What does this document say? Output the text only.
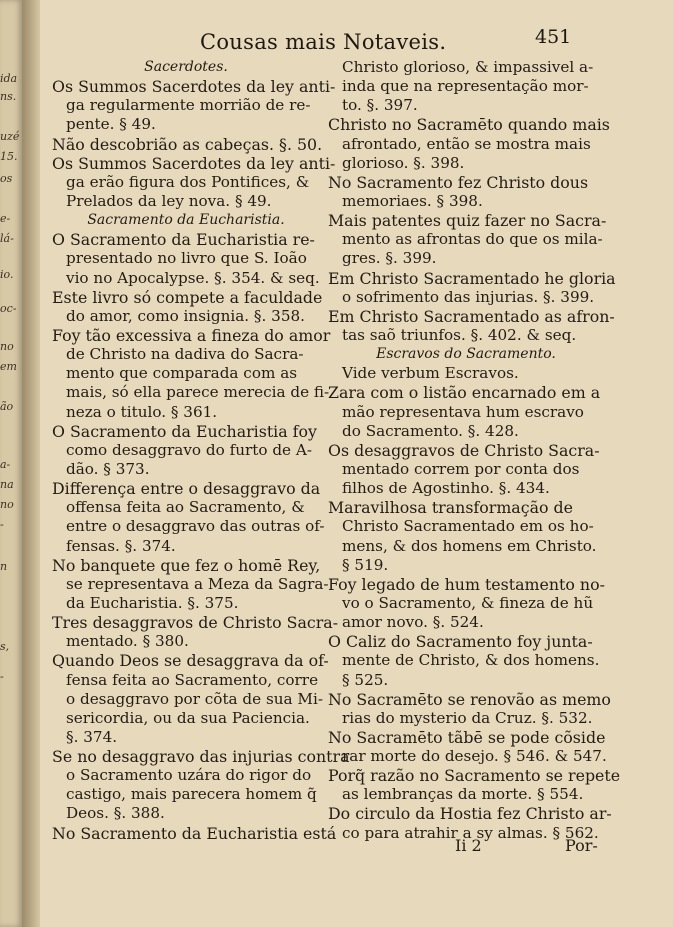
ida
ns.
uzé
15.
os
e-
lá-
io.
oc-
no
em
ão
a-
na
no
-
n
s,
-
Cousas mais Notaveis.	451
Sacerdotes.
Os Summos Sacerdotes da ley anti-
ga regularmente morrião de re-
pente. § 49.
Não descobrião as cabeças. §. 50.
Os Summos Sacerdotes da ley anti-
ga erão figura dos Pontifices, &
Prelados da ley nova. § 49.
Sacramento da Eucharistia.
O Sacramento da Eucharistia re-
presentado no livro que S. Ioão
vio no Apocalypse. §. 354. & seq.
Este livro só compete a faculdade
do amor, como insignia. §. 358.
Foy tão excessiva a fineza do amor
de Christo na dadiva do Sacra-
mento que comparada com as
mais, só ella parece merecia de fi-
neza o titulo. § 361.
O Sacramento da Eucharistia foy
como desaggravo do furto de A-
dão. § 373.
Differença entre o desaggravo da
offensa feita ao Sacramento, &
entre o desaggravo das outras of-
fensas. §. 374.
No banquete que fez o homē Rey,
se representava a Meza da Sagra-
da Eucharistia. §. 375.
Tres desaggravos de Christo Sacra-
mentado. § 380.
Quando Deos se desaggrava da of-
fensa feita ao Sacramento, corre
o desaggravo por cõta de sua Mi-
sericordia, ou da sua Paciencia.
§. 374.
Se no desaggravo das injurias contra
o Sacramento uzára do rigor do
castigo, mais parecera homem q̃
Deos. §. 388.
No Sacramento da Eucharistia está
Christo glorioso, & impassivel a-
inda que na representação mor-
to. §. 397.
Christo no Sacramēto quando mais
afrontado, então se mostra mais
glorioso. §. 398.
No Sacramento fez Christo dous
memoriaes. § 398.
Mais patentes quiz fazer no Sacra-
mento as afrontas do que os mila-
gres. §. 399.
Em Christo Sacramentado he gloria
o sofrimento das injurias. §. 399.
Em Christo Sacramentado as afron-
tas saõ triunfos. §. 402. & seq.
Escravos do Sacramento.
Vide verbum Escravos.
Zara com o listão encarnado em a
mão representava hum escravo
do Sacramento. §. 428.
Os desaggravos de Christo Sacra-
mentado correm por conta dos
filhos de Agostinho. §. 434.
Maravilhosa transformação de
Christo Sacramentado em os ho-
mens, & dos homens em Christo.
§ 519.
Foy legado de hum testamento no-
vo o Sacramento, & fineza de hũ
amor novo. §. 524.
O Caliz do Sacramento foy junta-
mente de Christo, & dos homens.
§ 525.
No Sacramēto se renovão as memo
rias do mysterio da Cruz. §. 532.
No Sacramēto tãbē se pode cõside
rar morte do desejo. § 546. & 547.
Porq̃ razão no Sacramento se repete
as lembranças da morte. § 554.
Do circulo da Hostia fez Christo ar-
co para atrahir a sy almas. § 562.
Ii 2	Por-
